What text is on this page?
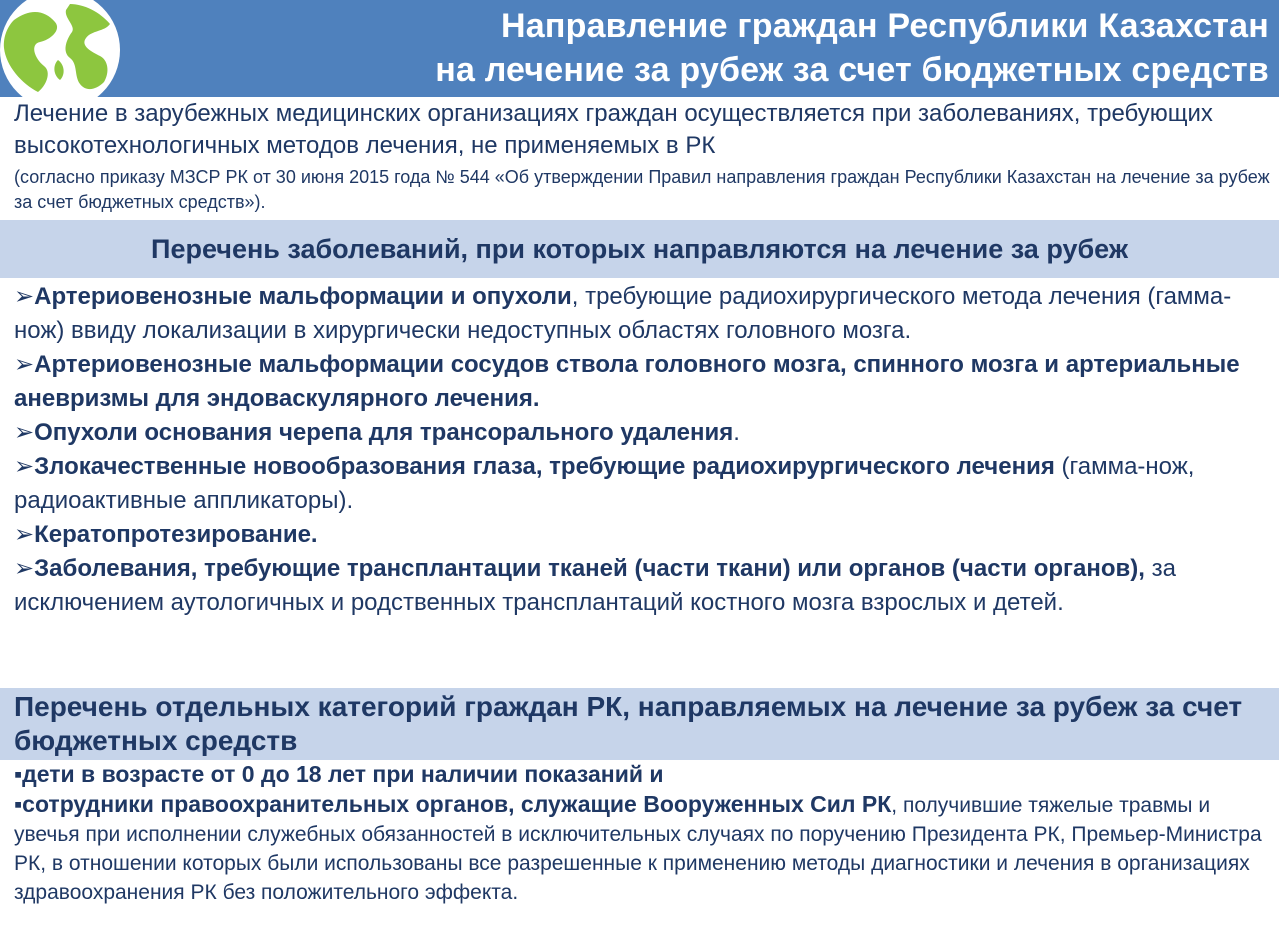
Направление граждан Республики Казахстан
на лечение за рубеж за счет бюджетных средств
Лечение в зарубежных медицинских организациях граждан осуществляется при заболеваниях, требующих высокотехнологичных методов лечения, не применяемых в РК
(согласно приказу МЗСР РК от 30 июня 2015 года № 544 «Об утверждении Правил направления граждан Республики Казахстан на лечение за рубеж за счет бюджетных средств»).
Перечень заболеваний, при которых направляются на лечение за рубеж

➢Артериовенозные мальформации и опухоли, требующие радиохирургического метода лечения (гамма-нож) ввиду локализации в хирургически недоступных областях головного мозга.

➢Артериовенозные мальформации сосудов ствола головного мозга, спинного мозга и артериальные аневризмы для эндоваскулярного лечения.

➢Опухоли основания черепа для трансорального удаления.

➢Злокачественные новообразования глаза, требующие радиохирургического лечения (гамма-нож, радиоактивные аппликаторы).

➢Кератопротезирование.

➢Заболевания, требующие трансплантации тканей (части ткани) или органов (части органов), за исключением аутологичных и родственных трансплантаций костного мозга взрослых и детей.

Перечень отдельных категорий граждан РК, направляемых на лечение за рубеж за счет бюджетных средств

▪дети в возрасте от 0 до 18 лет при наличии показаний и

▪сотрудники правоохранительных органов, служащие Вооруженных Сил РК, получившие тяжелые травмы и увечья при исполнении служебных обязанностей в исключительных случаях по поручению Президента РК, Премьер-Министра РК, в отношении которых были использованы все разрешенные к применению методы диагностики и лечения в организациях здравоохранения РК без положительного эффекта.
